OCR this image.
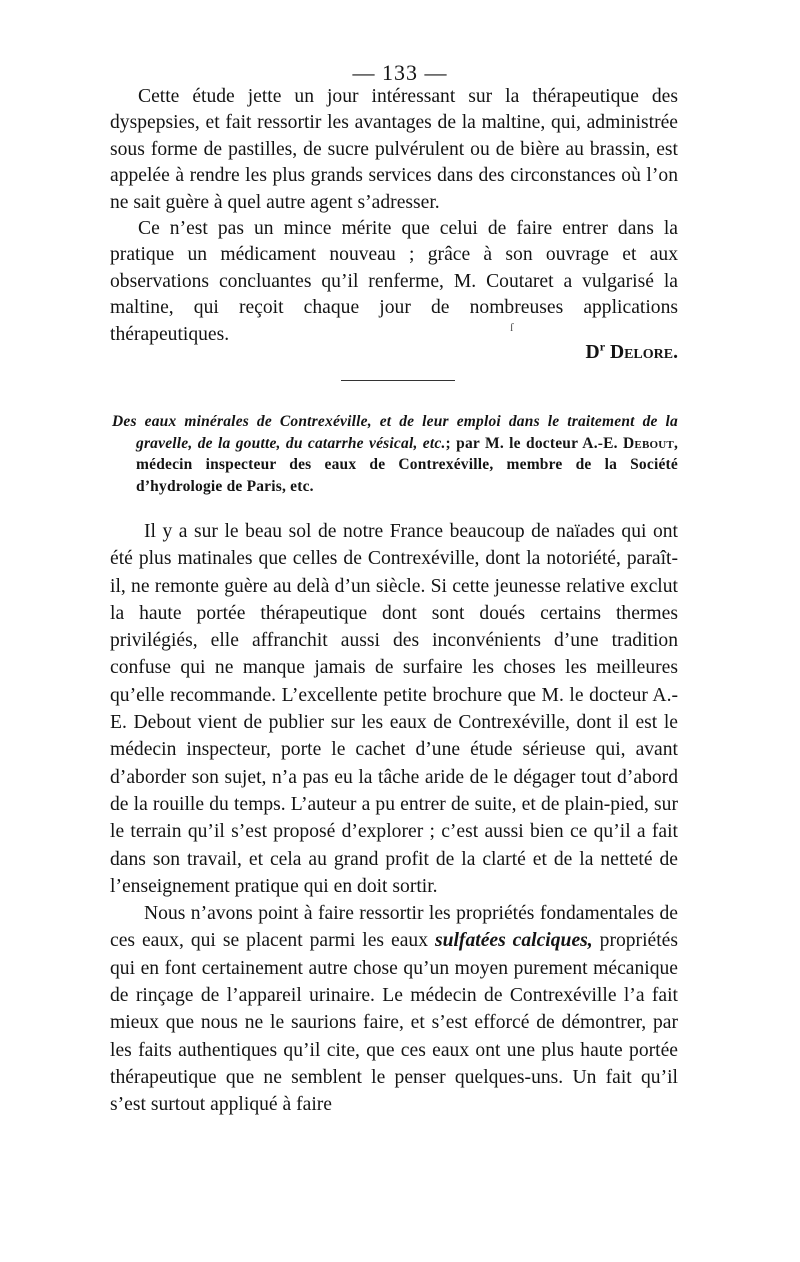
— 133 —

Cette étude jette un jour intéressant sur la thérapeutique des dyspepsies, et fait ressortir les avantages de la maltine, qui, administrée sous forme de pastilles, de sucre pulvérulent ou de bière au brassin, est appelée à rendre les plus grands services dans des circonstances où l’on ne sait guère à quel autre agent s’adresser.

Ce n’est pas un mince mérite que celui de faire entrer dans la pratique un médicament nouveau ; grâce à son ouvrage et aux observations concluantes qu’il renferme, M. Coutaret a vulgarisé la maltine, qui reçoit chaque jour de nombreuses applications thérapeutiques.	ſ
$D^r$ Delore.

Des eaux minérales de Contrexéville, et de leur emploi dans le traitement de la gravelle, de la goutte, du catarrhe vésical, etc.; par M. le docteur A.-E. Debout, médecin inspecteur des eaux de Contrexéville, membre de la Société d’hydrologie de Paris, etc.

Il y a sur le beau sol de notre France beaucoup de naïades qui ont été plus matinales que celles de Contrexéville, dont la notoriété, paraît-il, ne remonte guère au delà d’un siècle. Si cette jeunesse relative exclut la haute portée thérapeutique dont sont doués certains thermes privilégiés, elle affranchit aussi des inconvénients d’une tradition confuse qui ne manque jamais de surfaire les choses les meilleures qu’elle recommande. L’excellente petite brochure que M. le docteur A.-E. Debout vient de publier sur les eaux de Contrexéville, dont il est le médecin inspecteur, porte le cachet d’une étude sérieuse qui, avant d’aborder son sujet, n’a pas eu la tâche aride de le dégager tout d’abord de la rouille du temps. L’auteur a pu entrer de suite, et de plain-pied, sur le terrain qu’il s’est proposé d’explorer ; c’est aussi bien ce qu’il a fait dans son travail, et cela au grand profit de la clarté et de la netteté de l’enseignement pratique qui en doit sortir.

Nous n’avons point à faire ressortir les propriétés fondamentales de ces eaux, qui se placent parmi les eaux sulfatées calciques, propriétés qui en font certainement autre chose qu’un moyen purement mécanique de rinçage de l’appareil urinaire. Le médecin de Contrexéville l’a fait mieux que nous ne le saurions faire, et s’est efforcé de démontrer, par les faits authentiques qu’il cite, que ces eaux ont une plus haute portée thérapeutique que ne semblent le penser quelques-uns. Un fait qu’il s’est surtout appliqué à faire
